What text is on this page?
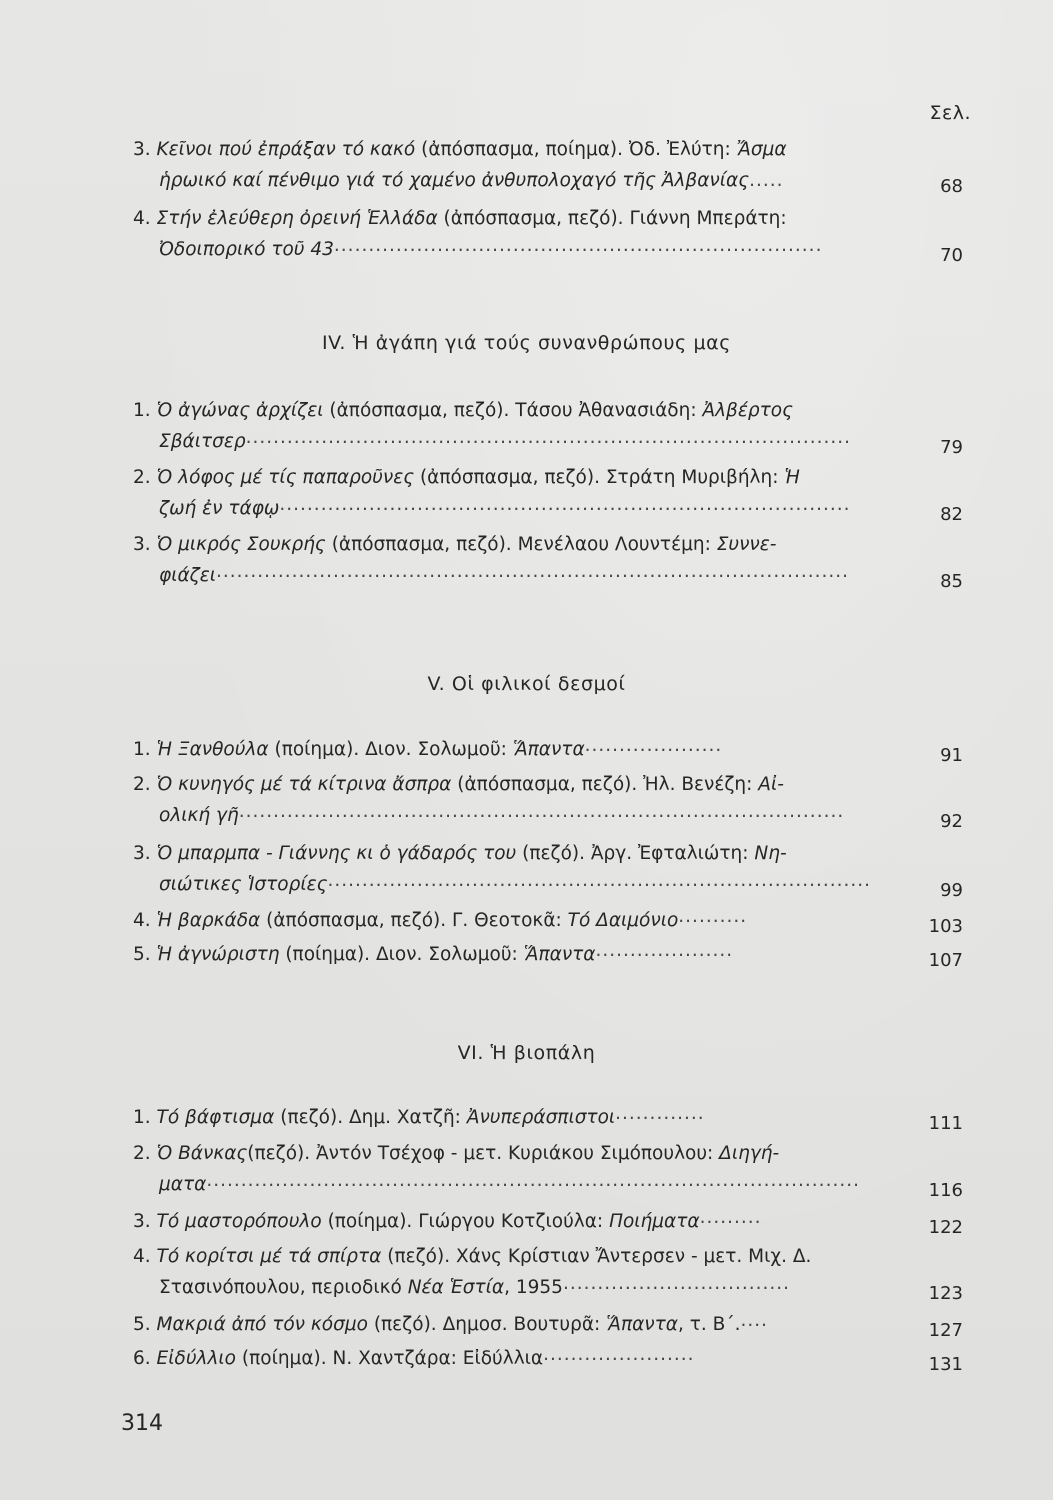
Σελ.
3. Κεῖνοι πού ἐπράξαν τό κακό (ἀπόσπασμα, ποίημα). Ὀδ. Ἐλύτη: Ἄσμα
ἡρωικό καί πένθιμο γιά τό χαμένο ἀνθυπολοχαγό τῆς Ἀλβανίας.....	68
4. Στήν ἐλεύθερη ὀρεινή Ἑλλάδα (ἀπόσπασμα, πεζό). Γιάννη Μπεράτη:
Ὀδοιπορικό τοῦ 43.......................................................................	70
IV. Ἡ ἀγάπη γιά τούς συνανθρώπους μας
1. Ὁ ἀγώνας ἀρχίζει (ἀπόσπασμα, πεζό). Τάσου Ἀθανασιάδη: Ἀλβέρτος
Σβάιτσερ........................................................................................	79
2. Ὁ λόφος μέ τίς παπαροῦνες (ἀπόσπασμα, πεζό). Στράτη Μυριβήλη: Ἡ
ζωή ἐν τάφῳ...................................................................................	82
3. Ὁ μικρός Σουκρής (ἀπόσπασμα, πεζό). Μενέλαου Λουντέμη: Συννε-
φιάζει............................................................................................	85
V. Οἱ φιλικοί δεσμοί
1. Ἡ Ξανθούλα (ποίημα). Διον. Σολωμοῦ: Ἅπαντα....................	91
2. Ὁ κυνηγός μέ τά κίτρινα ἄσπρα (ἀπόσπασμα, πεζό). Ἠλ. Βενέζη: Αἰ-
ολική γῆ........................................................................................	92
3. Ὁ μπαρμπα - Γιάννης κι ὁ γάδαρός του (πεζό). Ἀργ. Ἐφταλιώτη: Νη-
σιώτικες Ἱστορίες...............................................................................	99
4. Ἡ βαρκάδα (ἀπόσπασμα, πεζό). Γ. Θεοτοκᾶ: Τό Δαιμόνιο..........	103
5. Ἡ ἀγνώριστη (ποίημα). Διον. Σολωμοῦ: Ἅπαντα....................	107
VI. Ἡ βιοπάλη
1. Τό βάφτισμα (πεζό). Δημ. Χατζῆ: Ἀνυπεράσπιστοι.............	111
2. Ὁ Βάνκας(πεζό). Ἀντόν Τσέχοφ - μετ. Κυριάκου Σιμόπουλου: Διηγή-
ματα...............................................................................................	116
3. Τό μαστορόπουλο (ποίημα). Γιώργου Κοτζιούλα: Ποιήματα.........	122
4. Τό κορίτσι μέ τά σπίρτα (πεζό). Χάνς Κρίστιαν Ἄντερσεν - μετ. Μιχ. Δ.
Στασινόπουλου, περιοδικό Νέα Ἑστία, 1955.................................	123
5. Μακριά ἀπό τόν κόσμο (πεζό). Δημοσ. Βουτυρᾶ: Ἅπαντα, τ. Β΄.....	127
6. Εἰδύλλιο (ποίημα). Ν. Χαντζάρα: Εἰδύλλια......................	131
314
